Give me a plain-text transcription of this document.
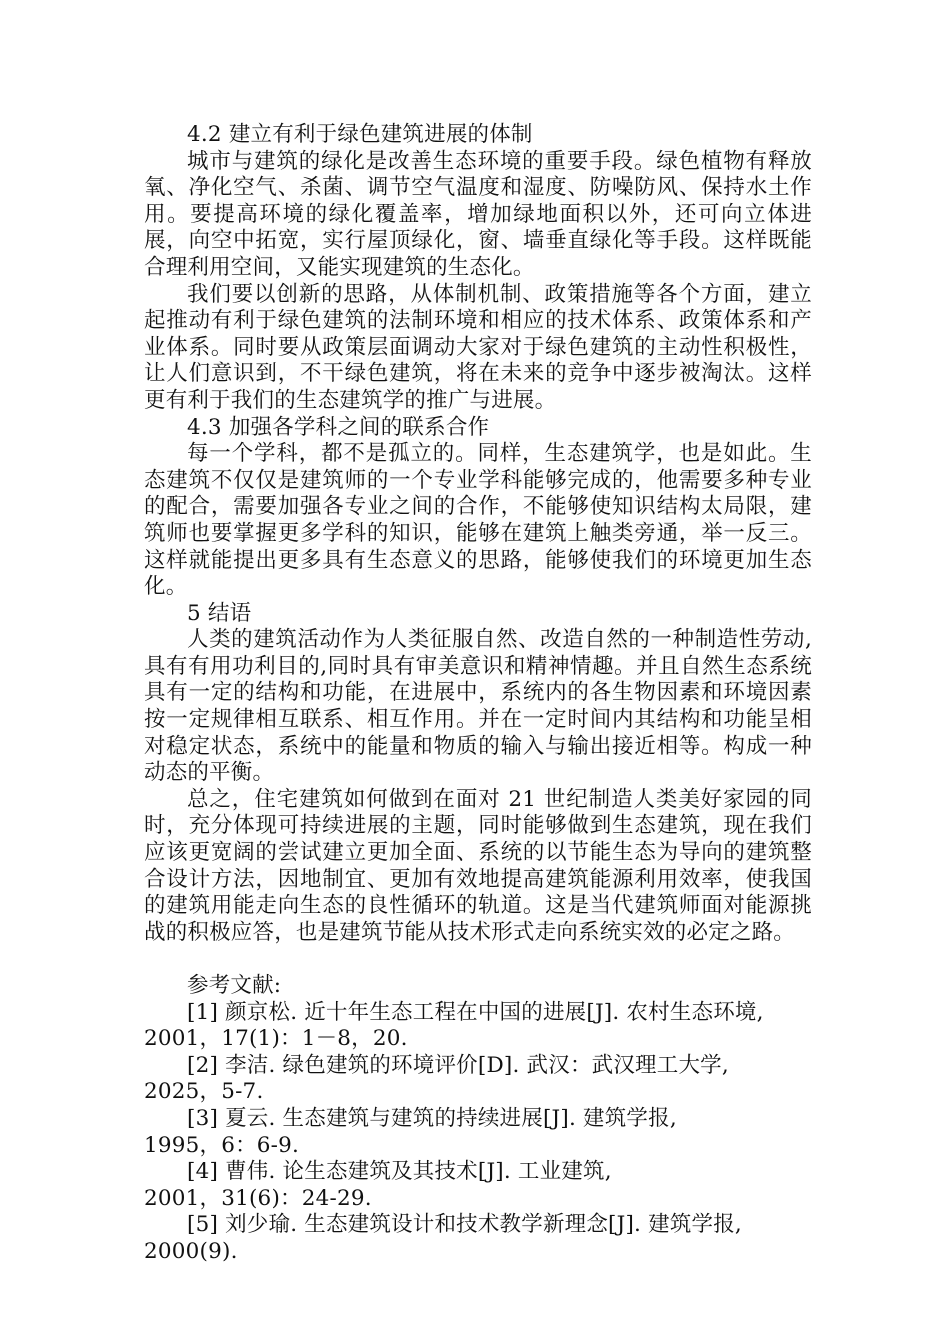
4.2 建立有利于绿色建筑进展的体制

城市与建筑的绿化是改善生态环境的重要手段。绿色植物有释放氧、净化空气、杀菌、调节空气温度和湿度、防噪防风、保持水土作用。要提高环境的绿化覆盖率，增加绿地面积以外，还可向立体进展，向空中拓宽，实行屋顶绿化，窗、墙垂直绿化等手段。这样既能合理利用空间，又能实现建筑的生态化。

我们要以创新的思路，从体制机制、政策措施等各个方面，建立起推动有利于绿色建筑的法制环境和相应的技术体系、政策体系和产业体系。同时要从政策层面调动大家对于绿色建筑的主动性积极性，让人们意识到，不干绿色建筑，将在未来的竞争中逐步被淘汰。这样更有利于我们的生态建筑学的推广与进展。

4.3 加强各学科之间的联系合作

每一个学科，都不是孤立的。同样，生态建筑学，也是如此。生态建筑不仅仅是建筑师的一个专业学科能够完成的，他需要多种专业的配合，需要加强各专业之间的合作，不能够使知识结构太局限，建筑师也要掌握更多学科的知识，能够在建筑上触类旁通，举一反三。这样就能提出更多具有生态意义的思路，能够使我们的环境更加生态化。

5 结语

人类的建筑活动作为人类征服自然、改造自然的一种制造性劳动,具有有用功利目的,同时具有审美意识和精神情趣。并且自然生态系统具有一定的结构和功能，在进展中，系统内的各生物因素和环境因素按一定规律相互联系、相互作用。并在一定时间内其结构和功能呈相对稳定状态，系统中的能量和物质的输入与输出接近相等。构成一种动态的平衡。

总之，住宅建筑如何做到在面对 21 世纪制造人类美好家园的同时，充分体现可持续进展的主题，同时能够做到生态建筑，现在我们应该更宽阔的尝试建立更加全面、系统的以节能生态为导向的建筑整合设计方法，因地制宜、更加有效地提高建筑能源利用效率，使我国的建筑用能走向生态的良性循环的轨道。这是当代建筑师面对能源挑战的积极应答，也是建筑节能从技术形式走向系统实效的必定之路。

参考文献:

[1] 颜京松. 近十年生态工程在中国的进展[J]. 农村生态环境,
2001，17(1)：1－8，20.
[2] 李洁. 绿色建筑的环境评价[D]. 武汉：武汉理工大学,
2025，5-7.
[3] 夏云. 生态建筑与建筑的持续进展[J]. 建筑学报,
1995，6：6-9.
[4] 曹伟. 论生态建筑及其技术[J]. 工业建筑,
2001，31(6)：24-29.
[5] 刘少瑜. 生态建筑设计和技术教学新理念[J]. 建筑学报,
2000(9).
